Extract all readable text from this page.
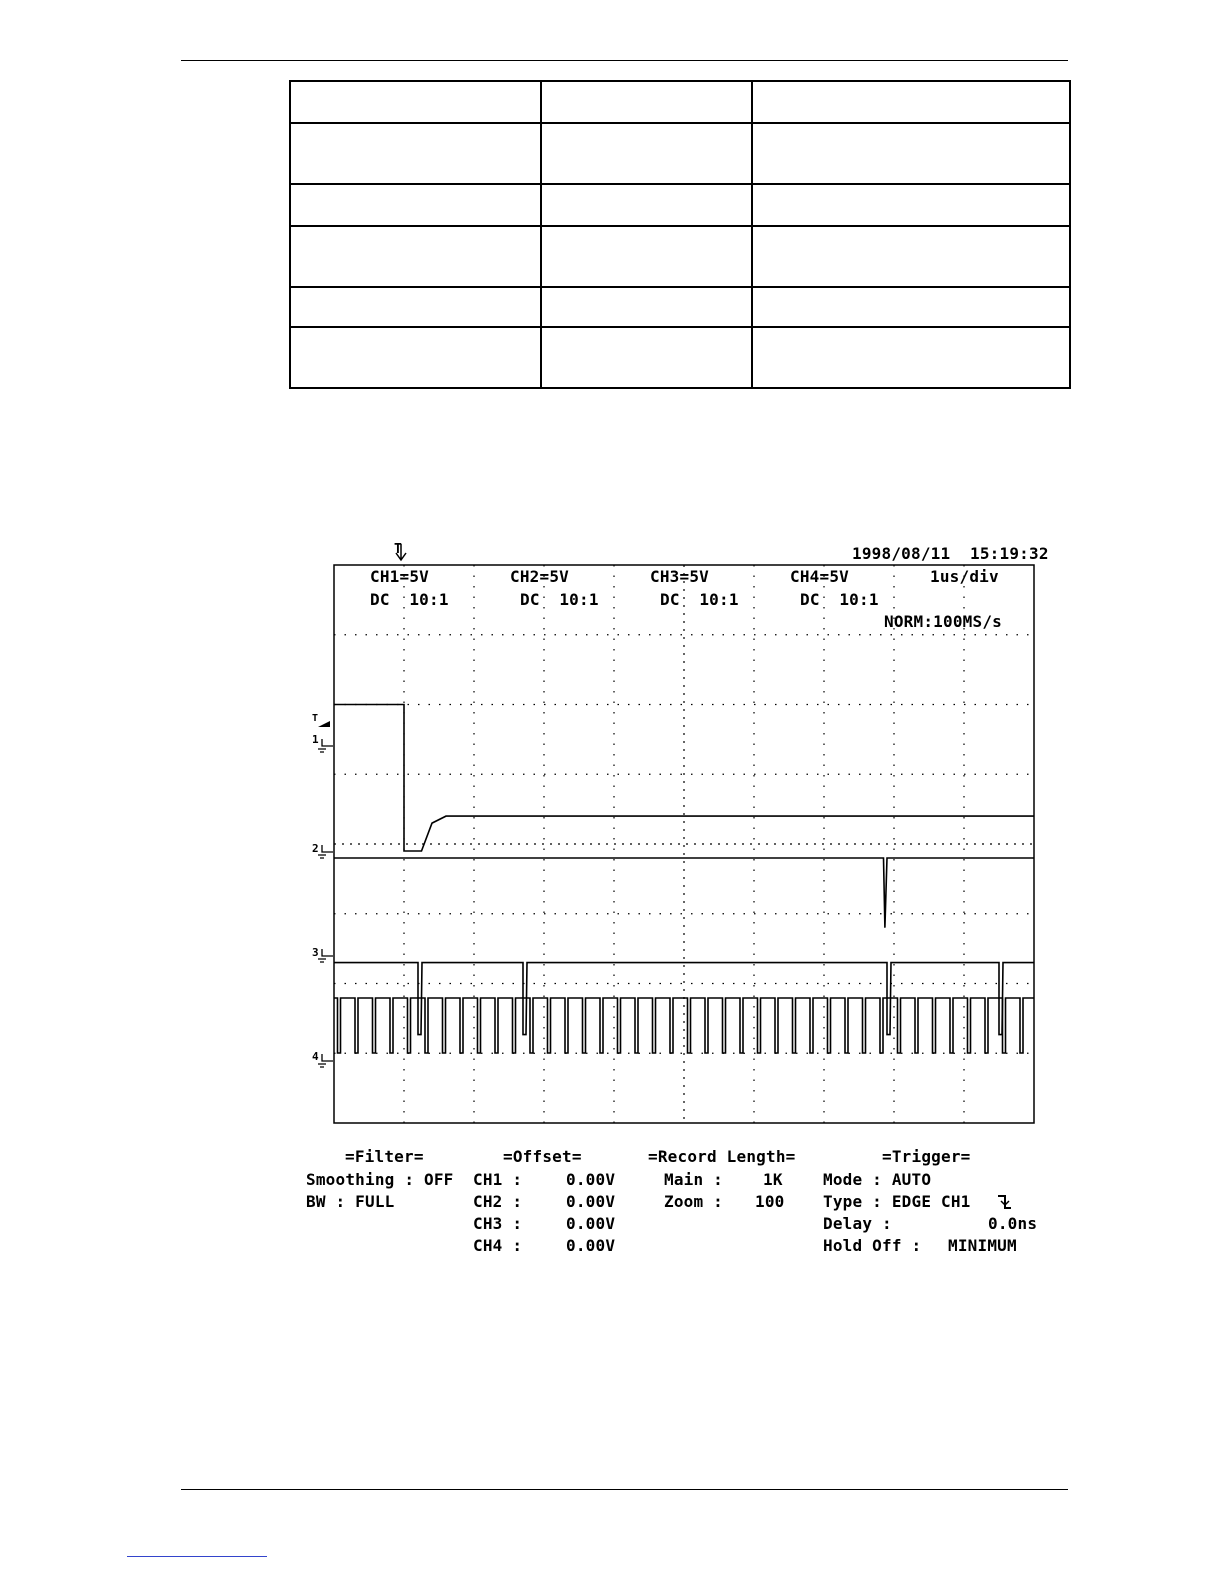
T	1998/08/11  15:19:32
CH1=5V	CH2=5V	CH3=5V	CH4=5V	1us/div
DC  10:1	DC  10:1	DC  10:1	DC  10:1
NORM:100MS/s
T
1
2
3
4
=Filter=
Smoothing : OFF
BW : FULL
=Offset=
CH1 :	0.00V
CH2 :	0.00V
CH3 :	0.00V
CH4 :	0.00V
=Record Length=
Main :	1K
Zoom : 100
=Trigger=
Mode : AUTO
Type : EDGE CH1
Delay :	0.0ns
Hold Off : MINIMUM
